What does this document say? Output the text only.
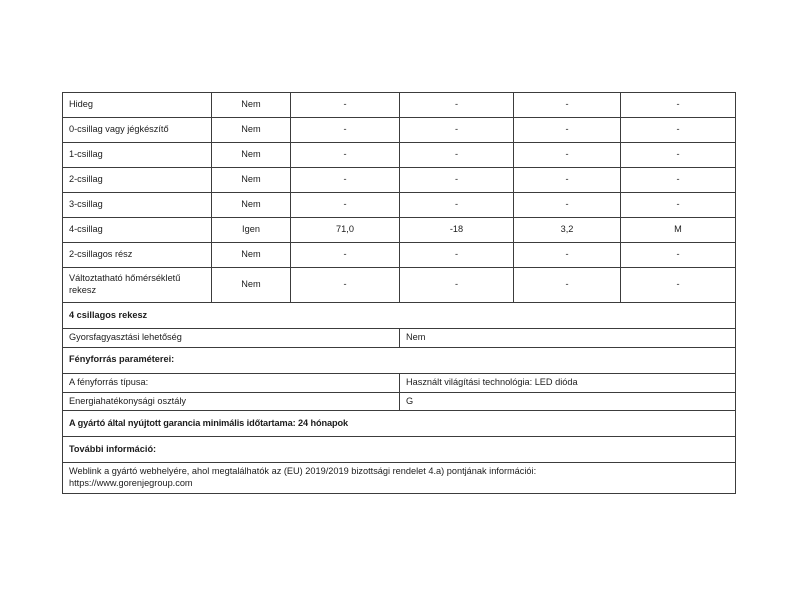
Hideg	Nem	-	-	-	-
0-csillag vagy jégkészítő	Nem	-	-	-	-
1-csillag	Nem	-	-	-	-
2-csillag	Nem	-	-	-	-
3-csillag	Nem	-	-	-	-
4-csillag	Igen	71,0	-18	3,2	M
2-csillagos rész	Nem	-	-	-	-
Változtatható hőmérsékletű rekesz	Nem	-	-	-	-
4 csillagos rekesz					
Gyorsfagyasztási lehetőség			Nem		
Fényforrás paraméterei:					
A fényforrás típusa:			Használt világítási technológia: LED dióda		
Energiahatékonysági osztály			G		
A gyártó által nyújtott garancia minimális időtartama: 24 hónapok					
További információ:					

Weblink a gyártó webhelyére, ahol megtalálhatók az (EU) 2019/2019 bizottsági rendelet 4.a) pontjának információi:
https://www.gorenjegroup.com					
